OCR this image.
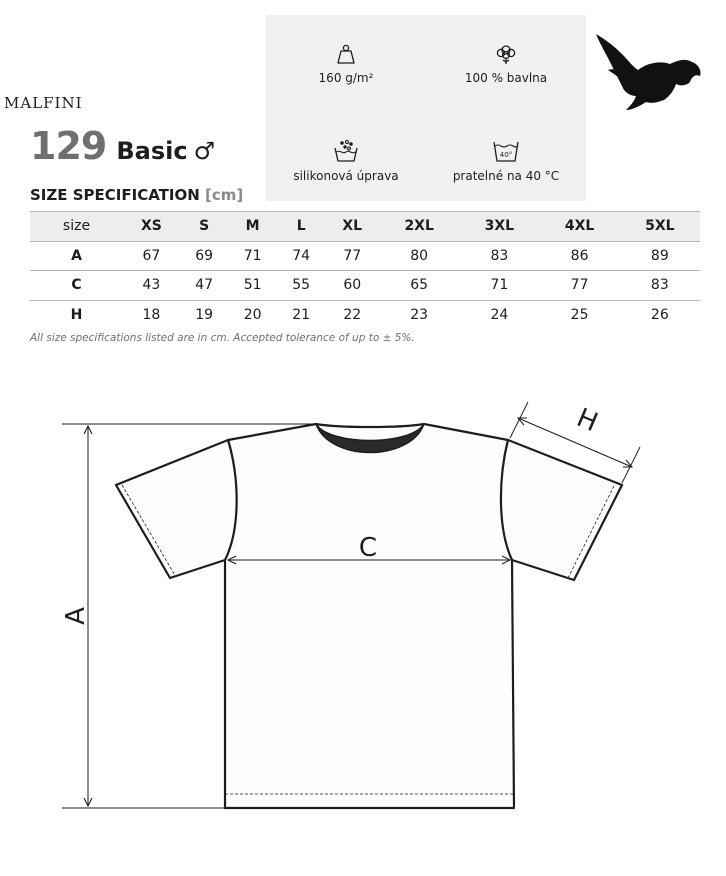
129 Basic ♂
160 g/m²	100 % bavlna
silikonová úprava
40°
pratelné na 40 °C
MALFINI
SIZE SPECIFICATION [cm]
size	XS	S	M	L	XL	2XL	3XL	4XL	5XL
A	67	69	71	74	77	80	83	86	89
C	43	47	51	55	60	65	71	77	83
H	18	19	20	21	22	23	24	25	26
All size specifications listed are in cm. Accepted tolerance of up to ± 5%.
A
C
H
